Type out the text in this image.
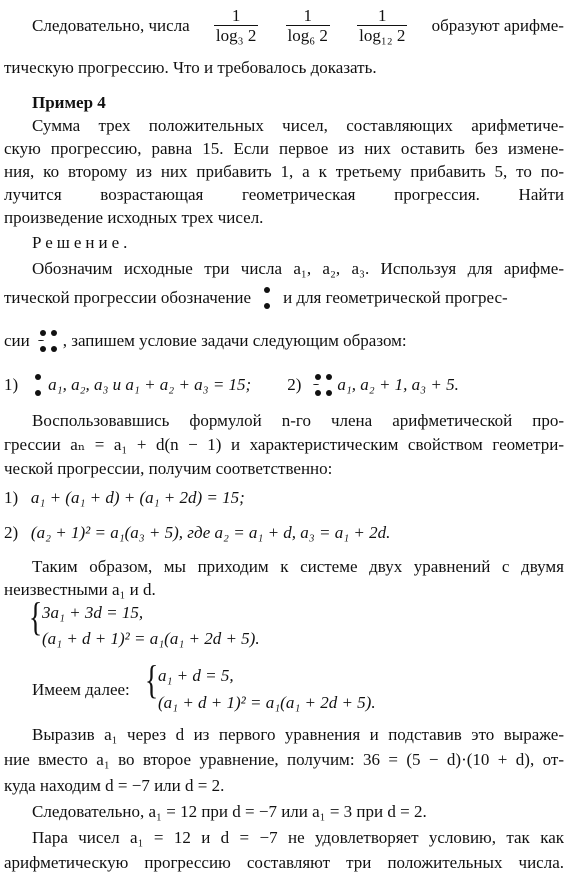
Следовательно, числа	1
log₃ 2
1
log₆ 2
1
log₁₂ 2
образуют арифме-
тическую прогрессию. Что и требовалось доказать.
Пример 4
Сумма трех положительных чисел, составляющих арифметиче-
скую прогрессию, равна 15. Если первое из них оставить без измене-
ния, ко второму из них прибавить 1, а к третьему прибавить 5, то по-
лучится возрастающая геометрическая прогрессия. Найти
произведение исходных трех чисел.
Решение.
Обозначим исходные три числа a₁, a₂, a₃. Используя для арифме-
тической прогрессии обозначение и для геометрической прогрес-
сии , запишем условие задачи следующим образом:
1) a₁, a₂, a₃ и a₁ + a₂ + a₃ = 15; 2) a₁, a₂ + 1, a₃ + 5.
Воспользовавшись формулой n-го члена арифметической про-
грессии aₙ = a₁ + d(n − 1) и характеристическим свойством геометри-
ческой прогрессии, получим соответственно:
1) a₁ + (a₁ + d) + (a₁ + 2d) = 15;
2) (a₂ + 1)² = a₁(a₃ + 5), где a₂ = a₁ + d, a₃ = a₁ + 2d.
Таким образом, мы приходим к системе двух уравнений с двумя
неизвестными a₁ и d.
{ 3a₁ + 3d = 15,
(a₁ + d + 1)² = a₁(a₁ + 2d + 5).
Имеем далее: { a₁ + d = 5,
(a₁ + d + 1)² = a₁(a₁ + 2d + 5).
Выразив a₁ через d из первого уравнения и подставив это выраже-
ние вместо a₁ во второе уравнение, получим: 36 = (5 − d)·(10 + d), от-
куда находим d = −7 или d = 2.
Следовательно, a₁ = 12 при d = −7 или a₁ = 3 при d = 2.
Пара чисел a₁ = 12 и d = −7 не удовлетворяет условию, так как
арифметическую прогрессию составляют три положительных числа.
